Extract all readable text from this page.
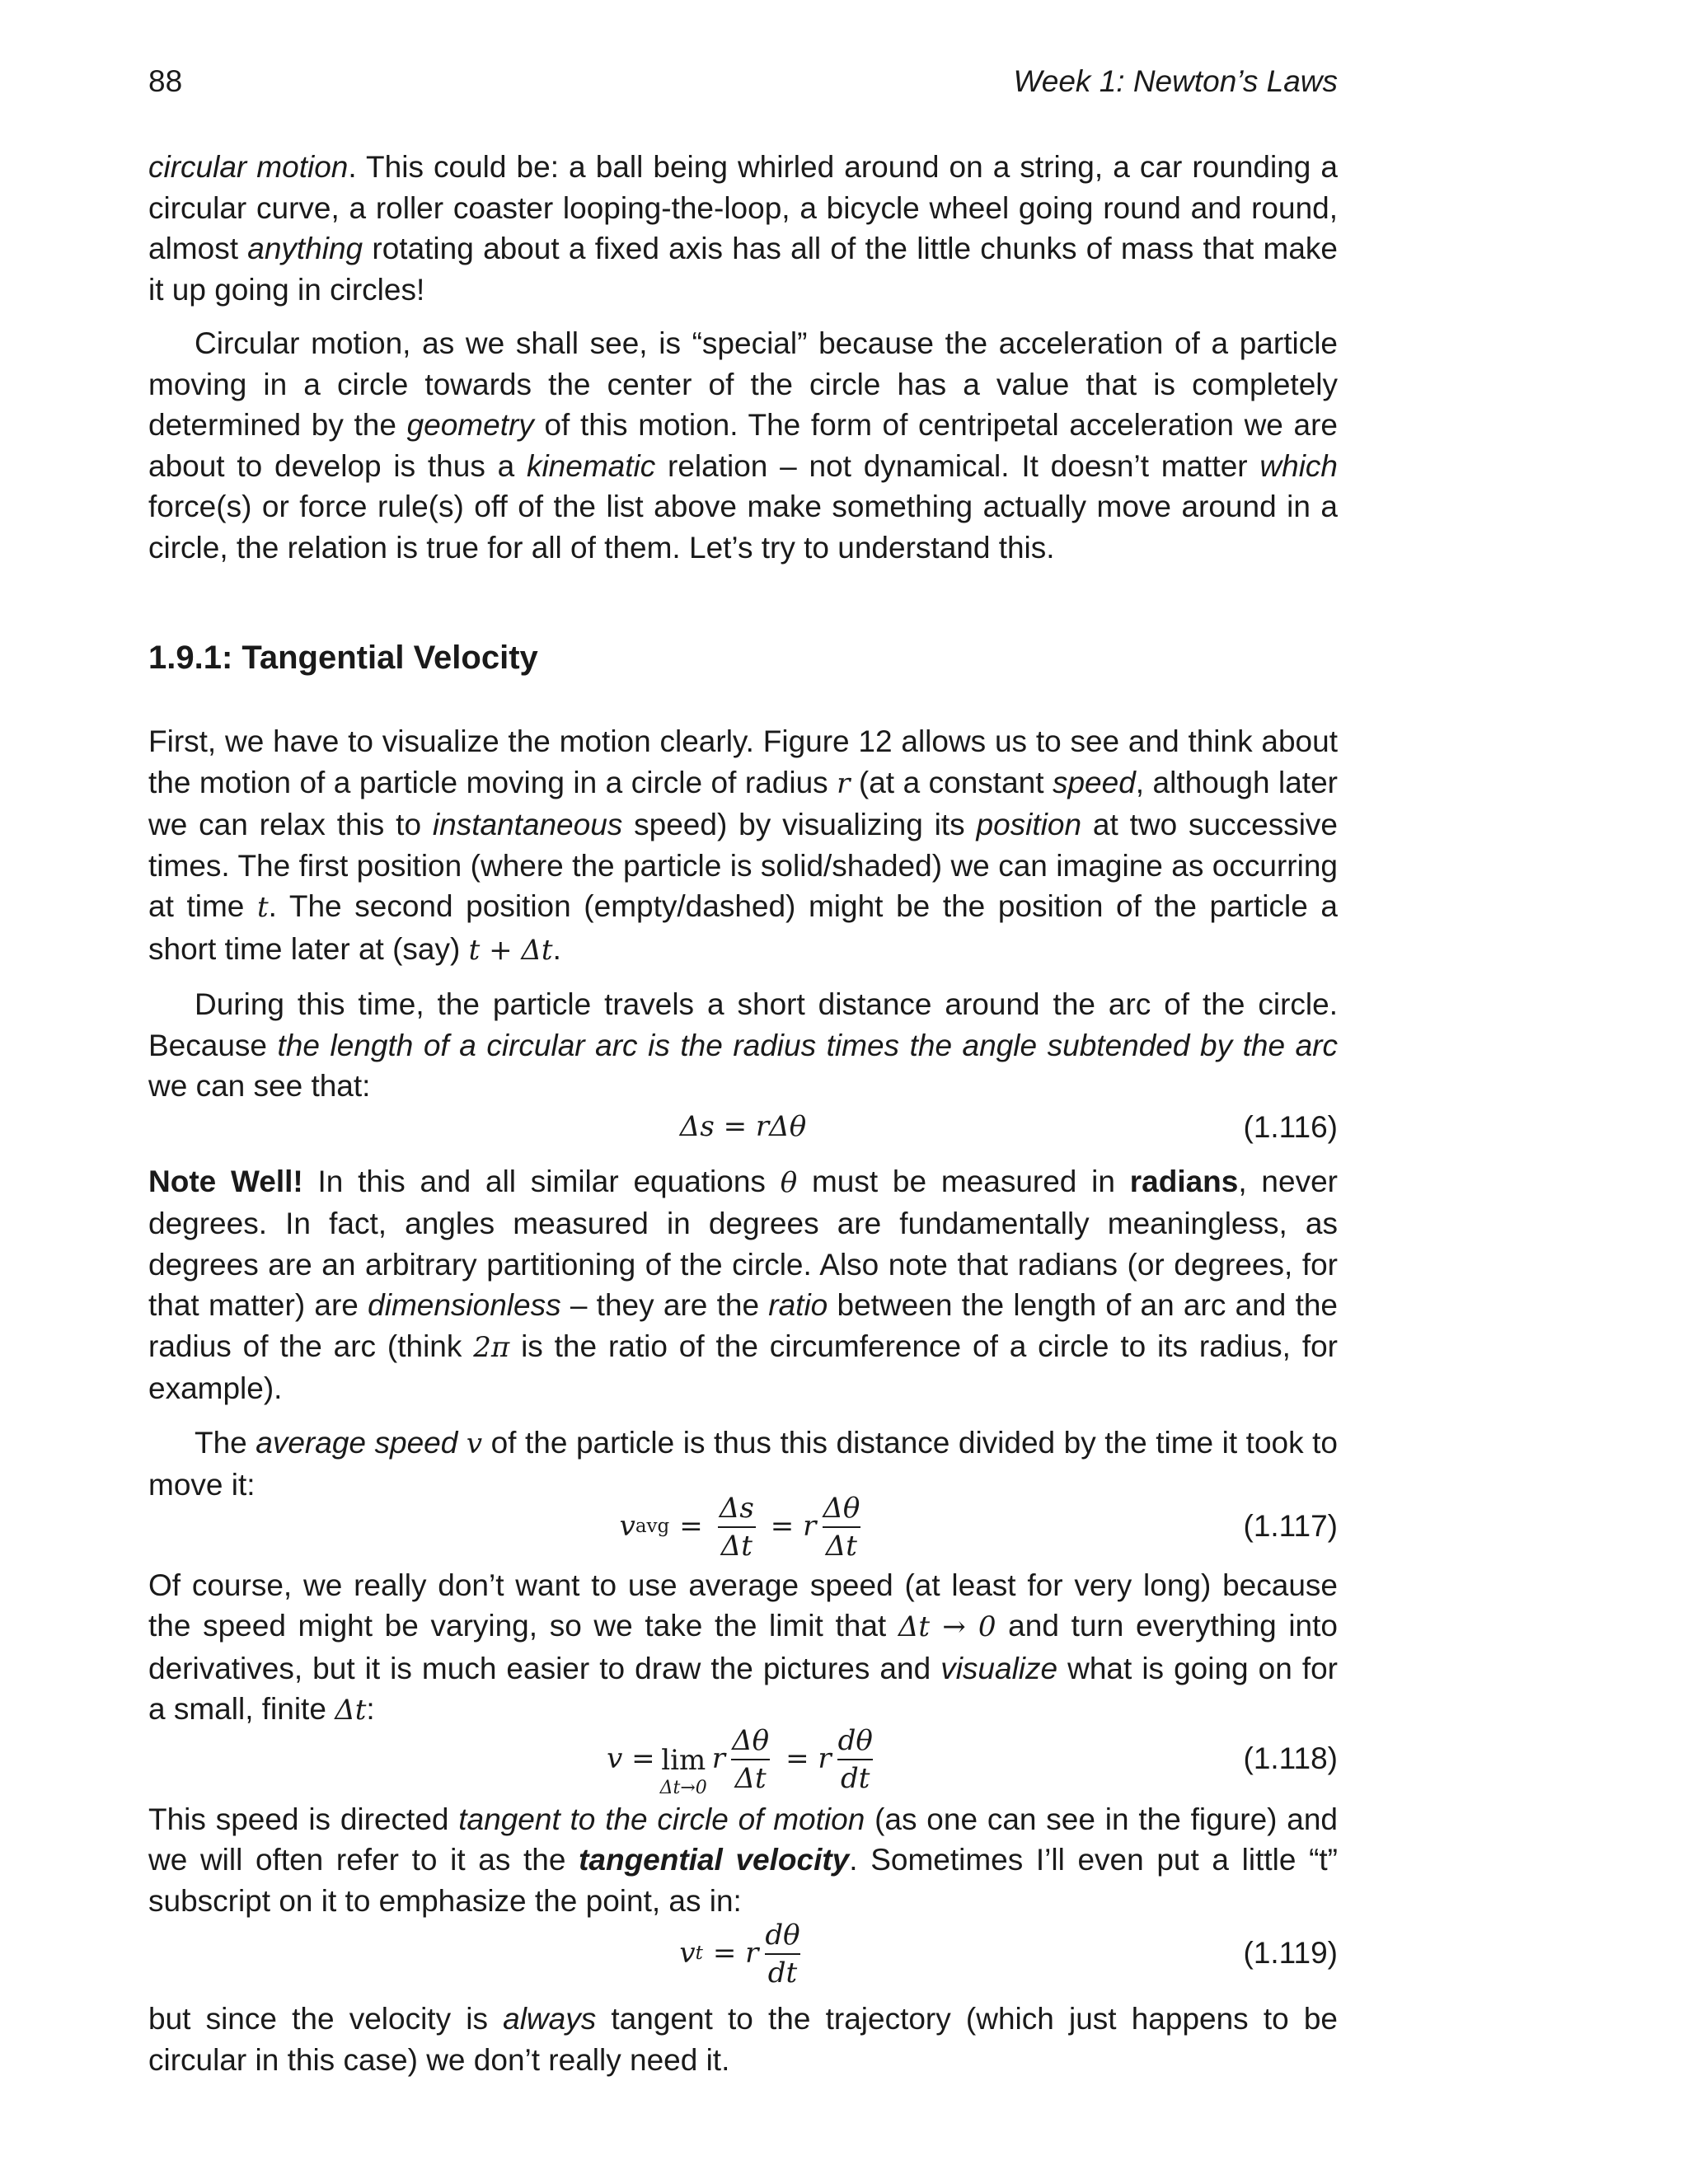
88	Week 1: Newton’s Laws

circular motion. This could be: a ball being whirled around on a string, a car rounding a circular curve, a roller coaster looping-the-loop, a bicycle wheel going round and round, almost anything rotating about a fixed axis has all of the little chunks of mass that make it up going in circles!

Circular motion, as we shall see, is “special” because the acceleration of a particle moving in a circle towards the center of the circle has a value that is completely determined by the geometry of this motion. The form of centripetal acceleration we are about to develop is thus a kinematic relation – not dynamical. It doesn’t matter which force(s) or force rule(s) off of the list above make something actually move around in a circle, the relation is true for all of them. Let’s try to understand this.

1.9.1: Tangential Velocity

First, we have to visualize the motion clearly. Figure 12 allows us to see and think about the motion of a particle moving in a circle of radius r (at a constant speed, although later we can relax this to instantaneous speed) by visualizing its position at two successive times. The first position (where the particle is solid/shaded) we can imagine as occurring at time t. The second position (empty/dashed) might be the position of the particle a short time later at (say) t + Δt.

During this time, the particle travels a short distance around the arc of the circle. Because the length of a circular arc is the radius times the angle subtended by the arc we can see that:

Δs = rΔθ	(1.116)

Note Well! In this and all similar equations θ must be measured in radians, never degrees. In fact, angles measured in degrees are fundamentally meaningless, as degrees are an arbitrary partitioning of the circle. Also note that radians (or degrees, for that matter) are dimensionless – they are the ratio between the length of an arc and the radius of the arc (think 2π is the ratio of the circumference of a circle to its radius, for example).

The average speed v of the particle is thus this distance divided by the time it took to move it:

v avg = $\frac{\Delta s}{\Delta t} = r \frac{\Delta\theta}{\Delta t}$	(1.117)

Of course, we really don’t want to use average speed (at least for very long) because the speed might be varying, so we take the limit that Δt → 0 and turn everything into derivatives, but it is much easier to draw the pictures and visualize what is going on for a small, finite Δt:

v = lim
Δt→0
r $\frac{\Delta\theta}{\Delta t} = r \frac{d\theta}{dt}$	(1.118)

This speed is directed tangent to the circle of motion (as one can see in the figure) and we will often refer to it as the tangential velocity. Sometimes I’ll even put a little “t” subscript on it to emphasize the point, as in:

v t = r $\frac{d\theta}{dt}$	(1.119)

but since the velocity is always tangent to the trajectory (which just happens to be circular in this case) we don’t really need it.
